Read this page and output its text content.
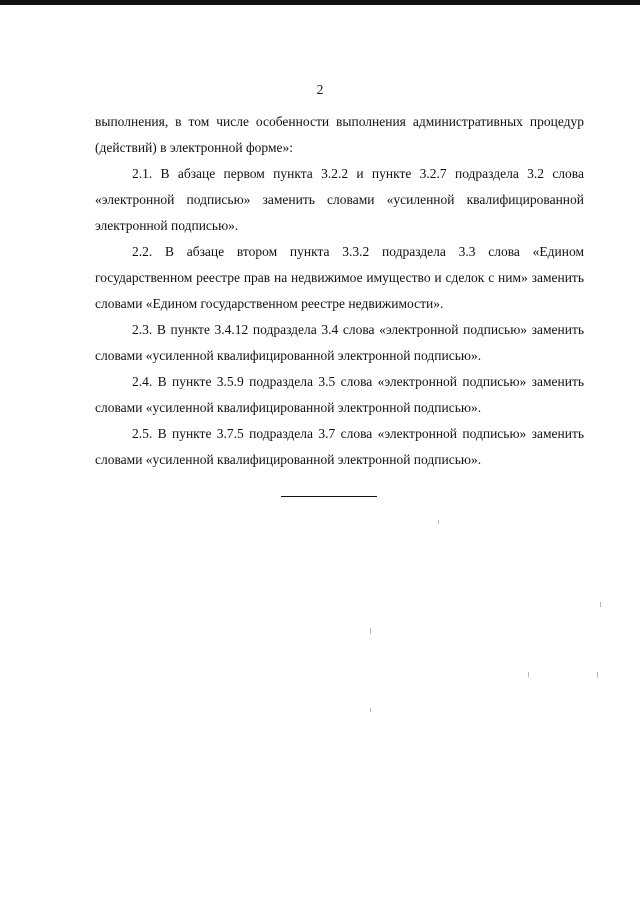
2

выполнения, в том числе особенности выполнения административных процедур (действий) в электронной форме»:

2.1. В абзаце первом пункта 3.2.2 и пункте 3.2.7 подраздела 3.2 слова «электронной подписью» заменить словами «усиленной квалифицированной электронной подписью».

2.2. В абзаце втором пункта 3.3.2 подраздела 3.3 слова «Едином государственном реестре прав на недвижимое имущество и сделок с ним» заменить словами «Едином государственном реестре недвижимости».

2.3. В пункте 3.4.12 подраздела 3.4 слова «электронной подписью» заменить словами «усиленной квалифицированной электронной подписью».

2.4. В пункте 3.5.9 подраздела 3.5 слова «электронной подписью» заменить словами «усиленной квалифицированной электронной подписью».

2.5. В пункте 3.7.5 подраздела 3.7 слова «электронной подписью» заменить словами «усиленной квалифицированной электронной подписью».
